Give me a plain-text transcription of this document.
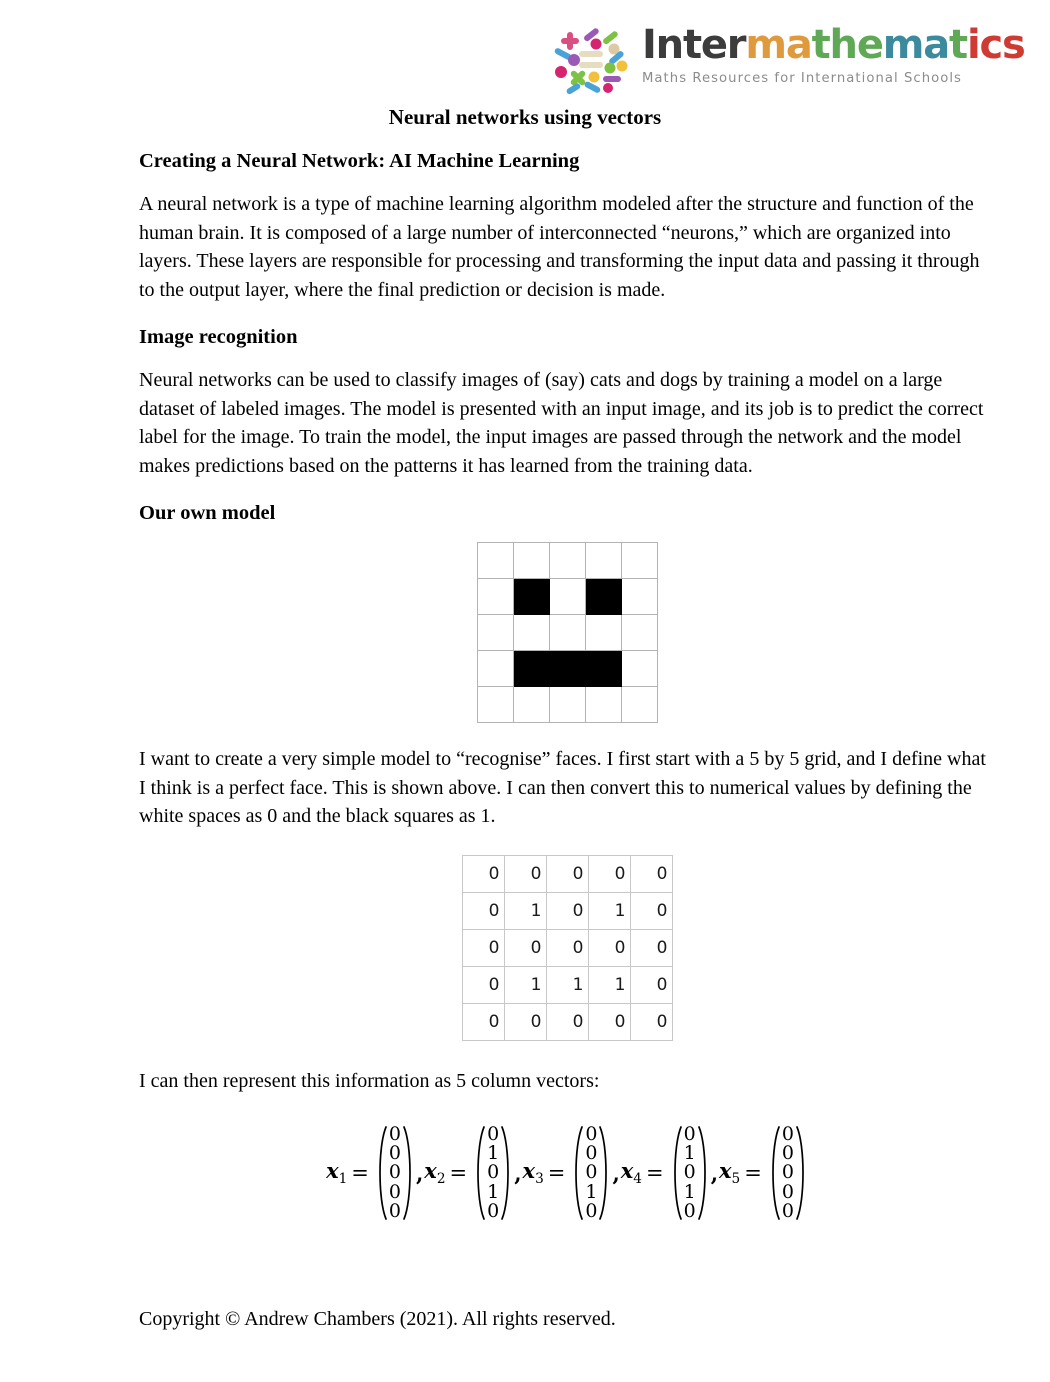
Intermathematics
Maths Resources for International Schools
Neural networks using vectors
Creating a Neural Network: AI Machine Learning

A neural network is a type of machine learning algorithm modeled after the structure and function of the human brain. It is composed of a large number of interconnected “neurons,” which are organized into layers. These layers are responsible for processing and transforming the input data and passing it through to the output layer, where the final prediction or decision is made.

Image recognition

Neural networks can be used to classify images of (say) cats and dogs by training a model on a large dataset of labeled images. The model is presented with an input image, and its job is to predict the correct label for the image. To train the model, the input images are passed through the network and the model makes predictions based on the patterns it has learned from the training data.

Our own model

I want to create a very simple model to “recognise” faces. I first start with a 5 by 5 grid, and I define what I think is a perfect face. This is shown above. I can then convert this to numerical values by defining the white spaces as 0 and the black squares as 1.

0	0	0	0	0
0	1	0	1	0
0	0	0	0	0
0	1	1	1	0
0	0	0	0	0

I can then represent this information as 5 column vectors:

$x_1$ =
0
0
0
0
0
, $x_2$ =
0
1
0
1
0
, $x_3$ =
0
0
0
1
0
, $x_4$ =
0
1
0
1
0
, $x_5$ =
0
0
0
0
0
Copyright © Andrew Chambers (2021). All rights reserved.
